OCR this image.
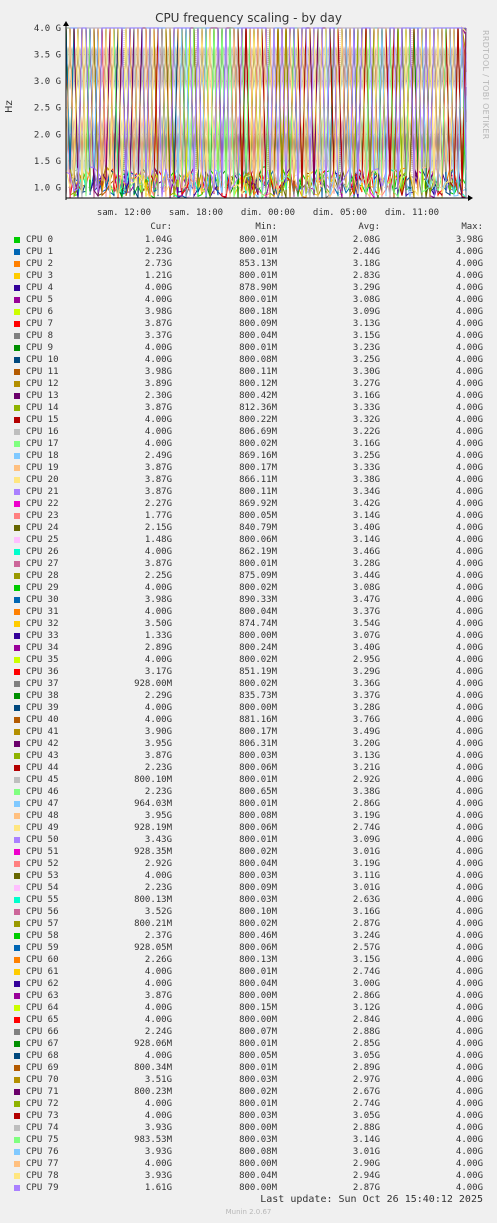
CPU frequency scaling - by day
Hz	RRDTOOL / TOBI OETIKER
1.0 G
1.5 G
2.0 G
2.5 G
3.0 G
3.5 G
4.0 G
sam. 12:00 sam. 18:00 dim. 00:00 dim. 05:00 dim. 11:00
Cur:	Min:	Avg:	Max:
CPU 0	1.04G	800.01M	2.08G	3.98G
CPU 1	2.23G	800.01M	2.44G	4.00G
CPU 2	2.73G	853.13M	3.18G	4.00G
CPU 3	1.21G	800.01M	2.83G	4.00G
CPU 4	4.00G	878.90M	3.29G	4.00G
CPU 5	4.00G	800.01M	3.08G	4.00G
CPU 6	3.98G	800.18M	3.09G	4.00G
CPU 7	3.87G	800.09M	3.13G	4.00G
CPU 8	3.37G	800.04M	3.15G	4.00G
CPU 9	4.00G	800.01M	3.23G	4.00G
CPU 10	4.00G	800.08M	3.25G	4.00G
CPU 11	3.98G	800.11M	3.30G	4.00G
CPU 12	3.89G	800.12M	3.27G	4.00G
CPU 13	2.30G	800.42M	3.16G	4.00G
CPU 14	3.87G	812.36M	3.33G	4.00G
CPU 15	4.00G	800.22M	3.32G	4.00G
CPU 16	4.00G	806.69M	3.22G	4.00G
CPU 17	4.00G	800.02M	3.16G	4.00G
CPU 18	2.49G	869.16M	3.25G	4.00G
CPU 19	3.87G	800.17M	3.33G	4.00G
CPU 20	3.87G	866.11M	3.38G	4.00G
CPU 21	3.87G	800.11M	3.34G	4.00G
CPU 22	2.27G	869.92M	3.42G	4.00G
CPU 23	1.77G	800.05M	3.14G	4.00G
CPU 24	2.15G	840.79M	3.40G	4.00G
CPU 25	1.48G	800.06M	3.14G	4.00G
CPU 26	4.00G	862.19M	3.46G	4.00G
CPU 27	3.87G	800.01M	3.28G	4.00G
CPU 28	2.25G	875.09M	3.44G	4.00G
CPU 29	4.00G	800.02M	3.08G	4.00G
CPU 30	3.98G	890.33M	3.47G	4.00G
CPU 31	4.00G	800.04M	3.37G	4.00G
CPU 32	3.50G	874.74M	3.54G	4.00G
CPU 33	1.33G	800.00M	3.07G	4.00G
CPU 34	2.89G	800.24M	3.40G	4.00G
CPU 35	4.00G	800.02M	2.95G	4.00G
CPU 36	3.17G	851.19M	3.29G	4.00G
CPU 37	928.00M	800.02M	3.36G	4.00G
CPU 38	2.29G	835.73M	3.37G	4.00G
CPU 39	4.00G	800.00M	3.28G	4.00G
CPU 40	4.00G	881.16M	3.76G	4.00G
CPU 41	3.90G	800.17M	3.49G	4.00G
CPU 42	3.95G	806.31M	3.20G	4.00G
CPU 43	3.87G	800.03M	3.13G	4.00G
CPU 44	2.23G	800.06M	3.21G	4.00G
CPU 45	800.10M	800.01M	2.92G	4.00G
CPU 46	2.23G	800.65M	3.38G	4.00G
CPU 47	964.03M	800.01M	2.86G	4.00G
CPU 48	3.95G	800.08M	3.19G	4.00G
CPU 49	928.19M	800.06M	2.74G	4.00G
CPU 50	3.43G	800.01M	3.09G	4.00G
CPU 51	928.35M	800.02M	3.01G	4.00G
CPU 52	2.92G	800.04M	3.19G	4.00G
CPU 53	4.00G	800.03M	3.11G	4.00G
CPU 54	2.23G	800.09M	3.01G	4.00G
CPU 55	800.13M	800.03M	2.63G	4.00G
CPU 56	3.52G	800.10M	3.16G	4.00G
CPU 57	800.21M	800.02M	2.87G	4.00G
CPU 58	2.37G	800.46M	3.24G	4.00G
CPU 59	928.05M	800.06M	2.57G	4.00G
CPU 60	2.26G	800.13M	3.15G	4.00G
CPU 61	4.00G	800.01M	2.74G	4.00G
CPU 62	4.00G	800.04M	3.00G	4.00G
CPU 63	3.87G	800.00M	2.86G	4.00G
CPU 64	4.00G	800.15M	3.12G	4.00G
CPU 65	4.00G	800.00M	2.84G	4.00G
CPU 66	2.24G	800.07M	2.88G	4.00G
CPU 67	928.06M	800.01M	2.85G	4.00G
CPU 68	4.00G	800.05M	3.05G	4.00G
CPU 69	800.34M	800.01M	2.89G	4.00G
CPU 70	3.51G	800.03M	2.97G	4.00G
CPU 71	800.23M	800.02M	2.67G	4.00G
CPU 72	4.00G	800.01M	2.74G	4.00G
CPU 73	4.00G	800.03M	3.05G	4.00G
CPU 74	3.93G	800.00M	2.88G	4.00G
CPU 75	983.53M	800.03M	3.14G	4.00G
CPU 76	3.93G	800.08M	3.01G	4.00G
CPU 77	4.00G	800.00M	2.90G	4.00G
CPU 78	3.93G	800.04M	2.94G	4.00G
CPU 79	1.61G	800.00M	2.87G	4.00G
Last update: Sun Oct 26 15:40:12 2025
Munin 2.0.67
